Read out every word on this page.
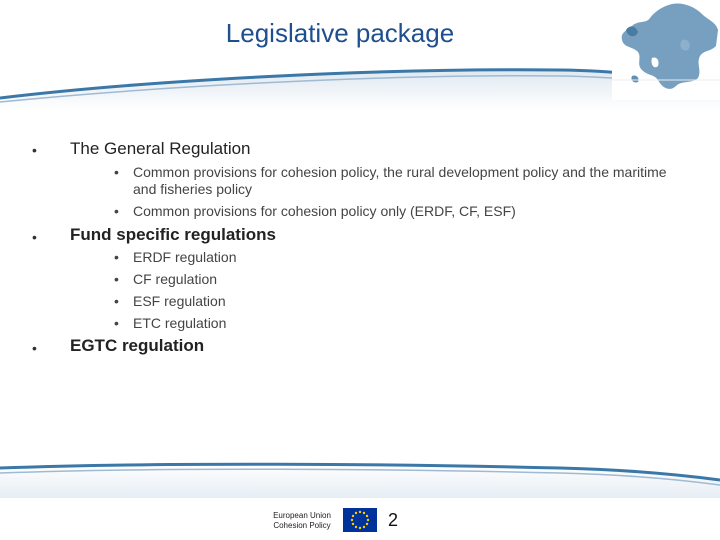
Legislative package
• The General Regulation
• Common provisions for cohesion policy, the rural development policy and the maritime and fisheries policy
• Common provisions for cohesion policy only (ERDF, CF, ESF)
• Fund specific regulations
• ERDF regulation
• CF regulation
• ESF regulation
• ETC regulation
• EGTC regulation
European Union
Cohesion Policy	2
